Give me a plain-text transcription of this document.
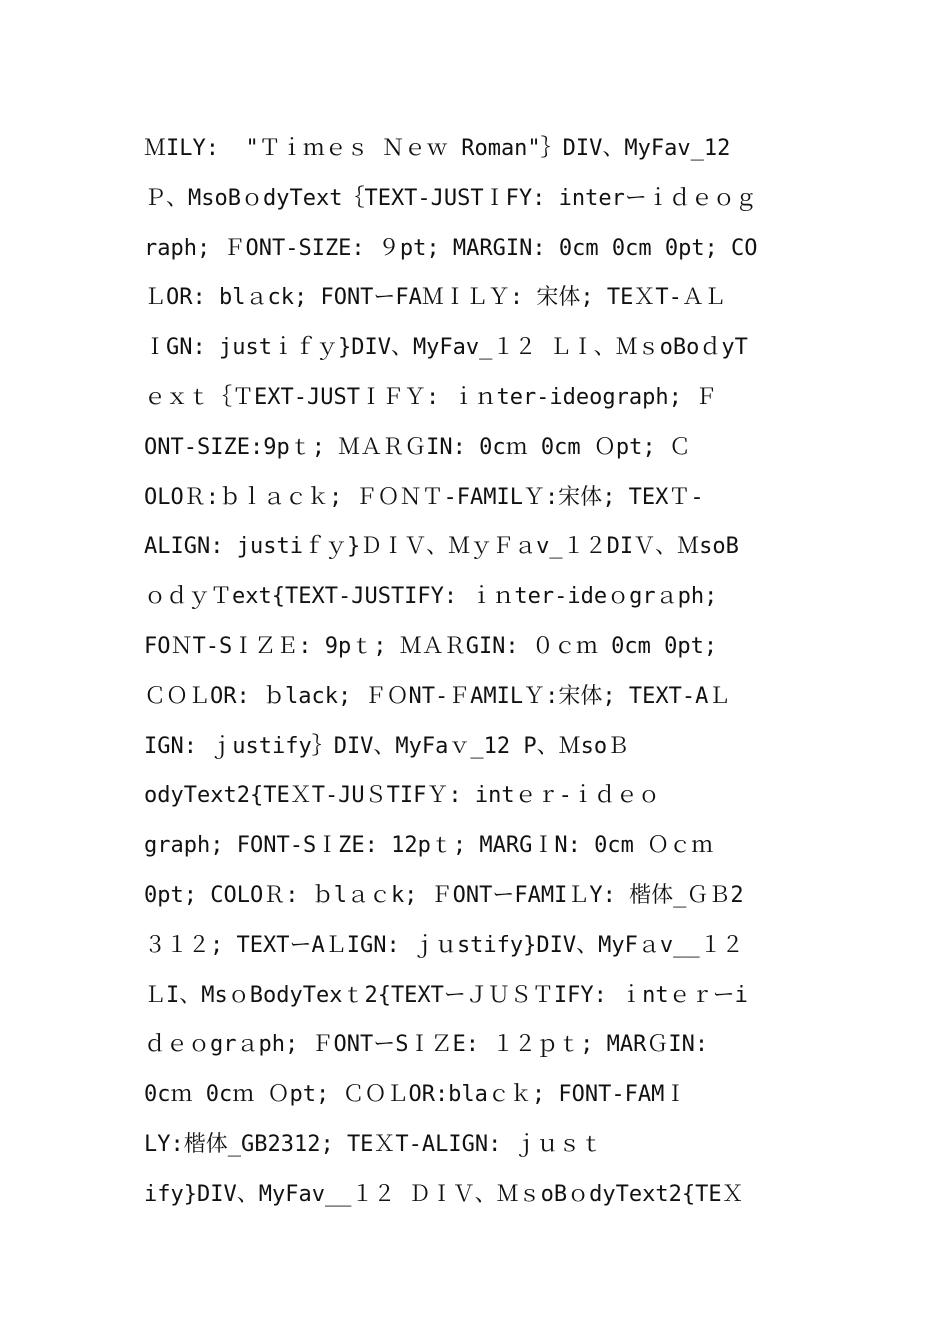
ＭILY:  "Ｔｉｍｅｓ Ｎｅｗ Roman"｝DIV、MyFav_12
Ｐ、MsoBｏdyText｛TEXT-JUSTＩFY: interーｉｄｅｏｇ
raph; ＦONT-SIZE: ９pt; MARGIN: 0cm 0cm 0pt; CO
ＬOR: blａck; FONTーFAＭＩＬＹ: 宋体; TEＸT-ＡＬ
ＩGN: justｉｆｙ}DIV、MyFav_１２ ＬＩ、ＭｓoBoｄyT
ｅｘｔ｛ＴEXT-JUSTＩＦＹ: ｉｎter-ideograph; Ｆ
ONT-SIZE:9pｔ; ＭＡＲＧIN: 0cｍ 0cm Ｏpt; Ｃ
OLOＲ:ｂｌａｃｋ; ＦＯＮＴ-FAMILＹ:宋体; TEXＴ-
ALIGN: justiｆｙ}ＤＩＶ、ＭｙＦａv_１２DIＶ、ＭsoB
ｏｄｙＴext{TEXT-JUSTIFY: ｉｎter-ideｏgrａph;
FOＮT-SＩＺＥ: 9pｔ; ＭＡＲGIN: ０ｃｍ 0cm 0pt;
ＣＯＬOR: ｂlack; ＦＯNT-ＦAMILＹ:宋体; TEXT-AＬ
IGN: ｊustify｝DIV、MyFaｖ_12 P、ＭsoＢ
odyText2{TEＸT-JUＳTIFＹ: intｅｒ-ｉｄｅｏ
graph; FONT-SＩZE: 12pｔ; MARGＩN: 0cm Ｏｃｍ
0pt; COLOＲ: ｂlａｃk; ＦONTーFAMIＬY: 楷体_ＧＢ2
３１２; TEXTーAＬIGN: ｊｕstify}DIV、MyFａv__１２
ＬI、MsｏBodyTexｔ2{TEXTーＪＵＳＴIFY: ｉntｅｒーi
ｄｅｏgrａph; ＦONTーSＩＺE: １２ｐｔ; MARＧIN:
0cｍ 0cｍ Ｏpt; ＣＯＬOR:blaｃｋ; FONT-FAMＩ
LY:楷体_GB2312; TEＸT-ALIGN: ｊｕｓｔ
ify}DIV、MyFav__１２ ＤＩＶ、ＭｓoBｏdyText2{TEＸ
